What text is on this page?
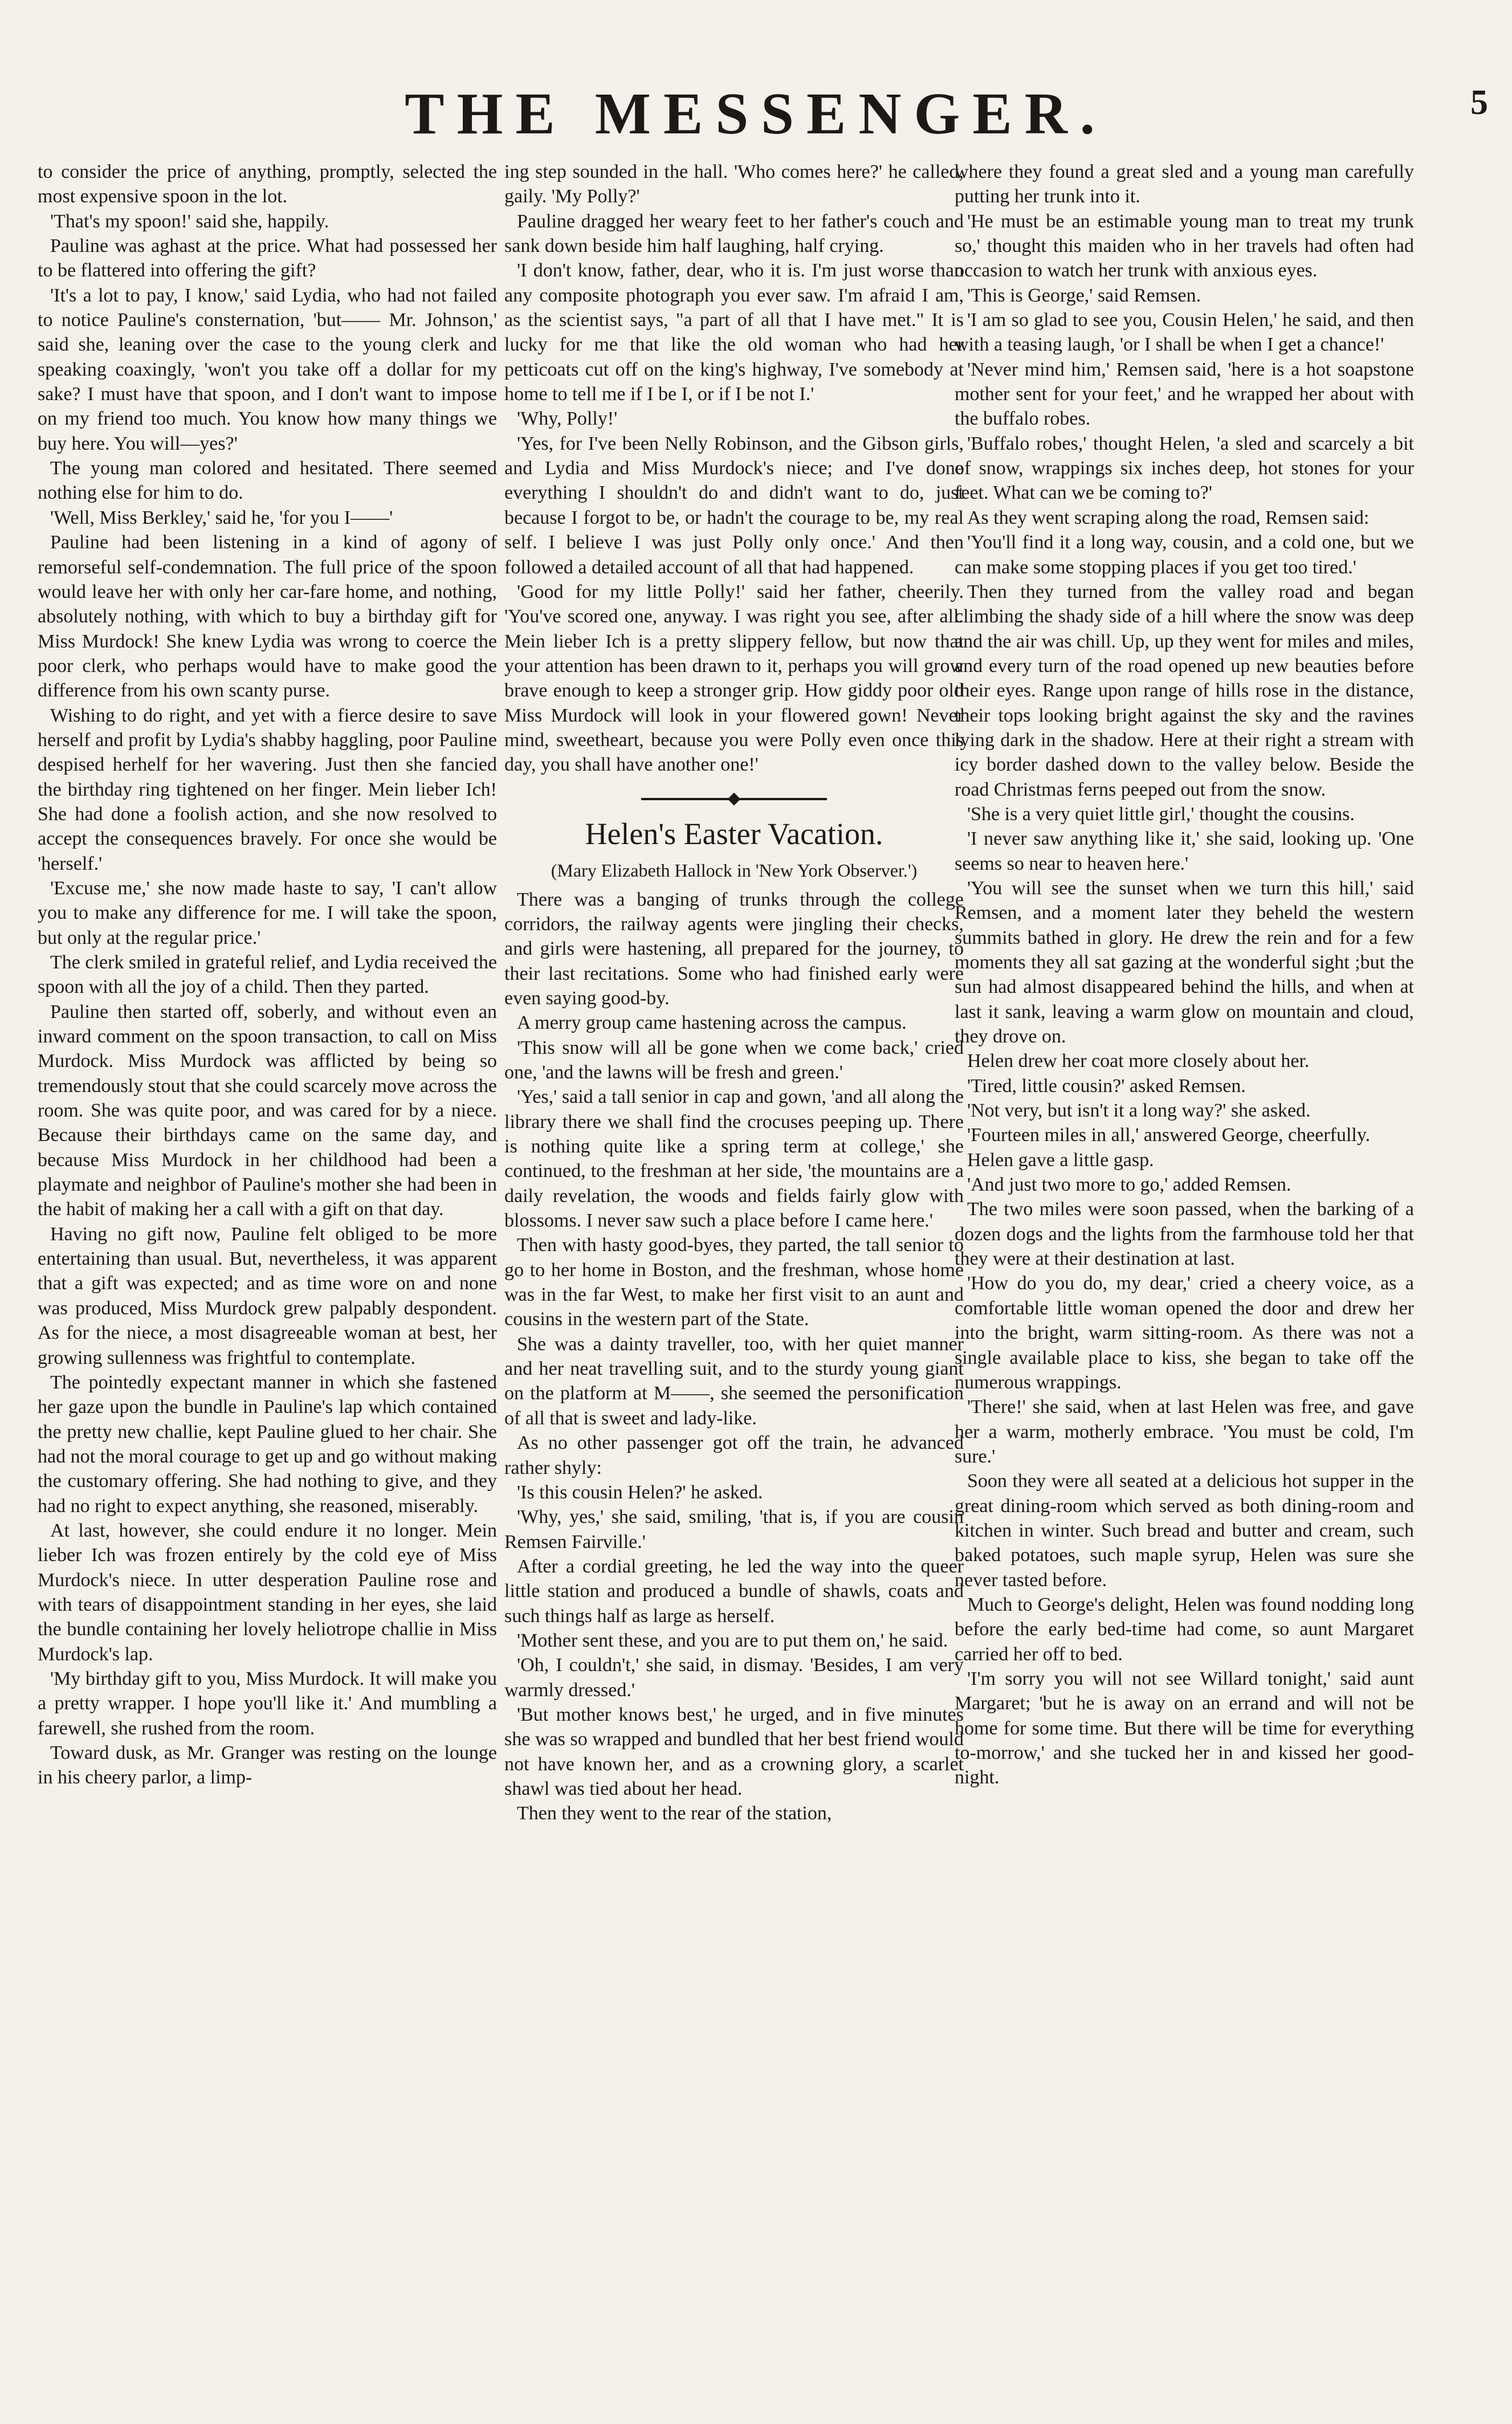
THE MESSENGER.	5

to consider the price of anything, promptly, selected the most expensive spoon in the lot.

'That's my spoon!' said she, happily.

Pauline was aghast at the price. What had possessed her to be flattered into offering the gift?

'It's a lot to pay, I know,' said Lydia, who had not failed to notice Pauline's consternation, 'but—— Mr. Johnson,' said she, leaning over the case to the young clerk and speaking coaxingly, 'won't you take off a dollar for my sake? I must have that spoon, and I don't want to impose on my friend too much. You know how many things we buy here. You will—yes?'

The young man colored and hesitated. There seemed nothing else for him to do.

'Well, Miss Berkley,' said he, 'for you I——'

Pauline had been listening in a kind of agony of remorseful self-condemnation. The full price of the spoon would leave her with only her car-fare home, and nothing, absolutely nothing, with which to buy a birthday gift for Miss Murdock! She knew Lydia was wrong to coerce the poor clerk, who perhaps would have to make good the difference from his own scanty purse.

Wishing to do right, and yet with a fierce desire to save herself and profit by Lydia's shabby haggling, poor Pauline despised herhelf for her wavering. Just then she fancied the birthday ring tightened on her finger. Mein lieber Ich! She had done a foolish action, and she now resolved to accept the consequences bravely. For once she would be 'herself.'

'Excuse me,' she now made haste to say, 'I can't allow you to make any difference for me. I will take the spoon, but only at the regular price.'

The clerk smiled in grateful relief, and Lydia received the spoon with all the joy of a child. Then they parted.

Pauline then started off, soberly, and without even an inward comment on the spoon transaction, to call on Miss Murdock. Miss Murdock was afflicted by being so tremendously stout that she could scarcely move across the room. She was quite poor, and was cared for by a niece. Because their birthdays came on the same day, and because Miss Murdock in her childhood had been a playmate and neighbor of Pauline's mother she had been in the habit of making her a call with a gift on that day.

Having no gift now, Pauline felt obliged to be more entertaining than usual. But, nevertheless, it was apparent that a gift was expected; and as time wore on and none was produced, Miss Murdock grew palpably despondent. As for the niece, a most disagreeable woman at best, her growing sullenness was frightful to contemplate.

The pointedly expectant manner in which she fastened her gaze upon the bundle in Pauline's lap which contained the pretty new challie, kept Pauline glued to her chair. She had not the moral courage to get up and go without making the customary offering. She had nothing to give, and they had no right to expect anything, she reasoned, miserably.

At last, however, she could endure it no longer. Mein lieber Ich was frozen entirely by the cold eye of Miss Murdock's niece. In utter desperation Pauline rose and with tears of disappointment standing in her eyes, she laid the bundle containing her lovely heliotrope challie in Miss Murdock's lap.

'My birthday gift to you, Miss Murdock. It will make you a pretty wrapper. I hope you'll like it.' And mumbling a farewell, she rushed from the room.

Toward dusk, as Mr. Granger was resting on the lounge in his cheery parlor, a limp-

ing step sounded in the hall. 'Who comes here?' he called, gaily. 'My Polly?'

Pauline dragged her weary feet to her father's couch and sank down beside him half laughing, half crying.

'I don't know, father, dear, who it is. I'm just worse than any composite photograph you ever saw. I'm afraid I am, as the scientist says, "a part of all that I have met." It is lucky for me that like the old woman who had her petticoats cut off on the king's highway, I've somebody at home to tell me if I be I, or if I be not I.'

'Why, Polly!'

'Yes, for I've been Nelly Robinson, and the Gibson girls, and Lydia and Miss Murdock's niece; and I've done everything I shouldn't do and didn't want to do, just because I forgot to be, or hadn't the courage to be, my real self. I believe I was just Polly only once.' And then followed a detailed account of all that had happened.

'Good for my little Polly!' said her father, cheerily. 'You've scored one, anyway. I was right you see, after all. Mein lieber Ich is a pretty slippery fellow, but now that your attention has been drawn to it, perhaps you will grow brave enough to keep a stronger grip. How giddy poor old Miss Murdock will look in your flowered gown! Never mind, sweetheart, because you were Polly even once this day, you shall have another one!'

Helen's Easter Vacation.
(Mary Elizabeth Hallock in 'New York Observer.')

There was a banging of trunks through the college corridors, the railway agents were jingling their checks, and girls were hastening, all prepared for the journey, to their last recitations. Some who had finished early were even saying good-by.

A merry group came hastening across the campus.

'This snow will all be gone when we come back,' cried one, 'and the lawns will be fresh and green.'

'Yes,' said a tall senior in cap and gown, 'and all along the library there we shall find the crocuses peeping up. There is nothing quite like a spring term at college,' she continued, to the freshman at her side, 'the mountains are a daily revelation, the woods and fields fairly glow with blossoms. I never saw such a place before I came here.'

Then with hasty good-byes, they parted, the tall senior to go to her home in Boston, and the freshman, whose home was in the far West, to make her first visit to an aunt and cousins in the western part of the State.

She was a dainty traveller, too, with her quiet manner and her neat travelling suit, and to the sturdy young giant on the platform at M——, she seemed the personification of all that is sweet and lady-like.

As no other passenger got off the train, he advanced rather shyly:

'Is this cousin Helen?' he asked.

'Why, yes,' she said, smiling, 'that is, if you are cousin Remsen Fairville.'

After a cordial greeting, he led the way into the queer little station and produced a bundle of shawls, coats and such things half as large as herself.

'Mother sent these, and you are to put them on,' he said.

'Oh, I couldn't,' she said, in dismay. 'Besides, I am very warmly dressed.'

'But mother knows best,' he urged, and in five minutes she was so wrapped and bundled that her best friend would not have known her, and as a crowning glory, a scarlet shawl was tied about her head.

Then they went to the rear of the station,

where they found a great sled and a young man carefully putting her trunk into it.

'He must be an estimable young man to treat my trunk so,' thought this maiden who in her travels had often had occasion to watch her trunk with anxious eyes.

'This is George,' said Remsen.

'I am so glad to see you, Cousin Helen,' he said, and then with a teasing laugh, 'or I shall be when I get a chance!'

'Never mind him,' Remsen said, 'here is a hot soapstone mother sent for your feet,' and he wrapped her about with the buffalo robes.

'Buffalo robes,' thought Helen, 'a sled and scarcely a bit of snow, wrappings six inches deep, hot stones for your feet. What can we be coming to?'

As they went scraping along the road, Remsen said:

'You'll find it a long way, cousin, and a cold one, but we can make some stopping places if you get too tired.'

Then they turned from the valley road and began climbing the shady side of a hill where the snow was deep and the air was chill. Up, up they went for miles and miles, and every turn of the road opened up new beauties before their eyes. Range upon range of hills rose in the distance, their tops looking bright against the sky and the ravines lying dark in the shadow. Here at their right a stream with icy border dashed down to the valley below. Beside the road Christmas ferns peeped out from the snow.

'She is a very quiet little girl,' thought the cousins.

'I never saw anything like it,' she said, looking up. 'One seems so near to heaven here.'

'You will see the sunset when we turn this hill,' said Remsen, and a moment later they beheld the western summits bathed in glory. He drew the rein and for a few moments they all sat gazing at the wonderful sight ;but the sun had almost disappeared behind the hills, and when at last it sank, leaving a warm glow on mountain and cloud, they drove on.

Helen drew her coat more closely about her.

'Tired, little cousin?' asked Remsen.

'Not very, but isn't it a long way?' she asked.

'Fourteen miles in all,' answered George, cheerfully.

Helen gave a little gasp.

'And just two more to go,' added Remsen.

The two miles were soon passed, when the barking of a dozen dogs and the lights from the farmhouse told her that they were at their destination at last.

'How do you do, my dear,' cried a cheery voice, as a comfortable little woman opened the door and drew her into the bright, warm sitting-room. As there was not a single available place to kiss, she began to take off the numerous wrappings.

'There!' she said, when at last Helen was free, and gave her a warm, motherly embrace. 'You must be cold, I'm sure.'

Soon they were all seated at a delicious hot supper in the great dining-room which served as both dining-room and kitchen in winter. Such bread and butter and cream, such baked potatoes, such maple syrup, Helen was sure she never tasted before.

Much to George's delight, Helen was found nodding long before the early bed-time had come, so aunt Margaret carried her off to bed.

'I'm sorry you will not see Willard tonight,' said aunt Margaret; 'but he is away on an errand and will not be home for some time. But there will be time for everything to-morrow,' and she tucked her in and kissed her good-night.
